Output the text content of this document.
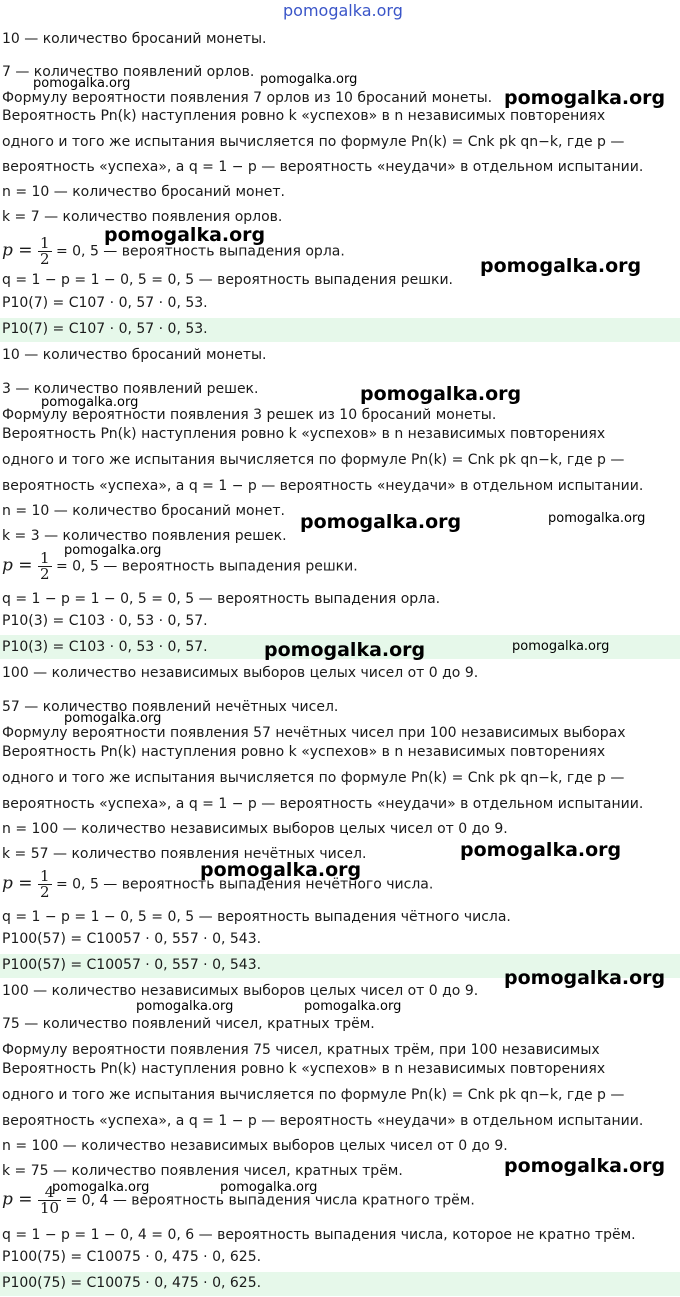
10 — количество бросаний монеты.
7 — количество появлений орлов.
Формулу вероятности появления 7 орлов из 10 бросаний монеты.
Вероятность Pn(k) наступления ровно k «успехов» в n независимых повторениях
одного и того же испытания вычисляется по формуле Pn(k) = Cnk pk qn−k, где p —
вероятность «успеха», а q = 1 − p — вероятность «неудачи» в отдельном испытании.
n = 10 — количество бросаний монет.
k = 7 — количество появления орлов.
$p = \frac{1}{2} = 0$, 5 — вероятность выпадения орла.
q = 1 − p = 1 − 0, 5 = 0, 5 — вероятность выпадения решки.
P10(7) = C107 · 0, 57 · 0, 53.
P10(7) = C107 · 0, 57 · 0, 53.
10 — количество бросаний монеты.
3 — количество появлений решек.
Формулу вероятности появления 3 решек из 10 бросаний монеты.
Вероятность Pn(k) наступления ровно k «успехов» в n независимых повторениях
одного и того же испытания вычисляется по формуле Pn(k) = Cnk pk qn−k, где p —
вероятность «успеха», а q = 1 − p — вероятность «неудачи» в отдельном испытании.
n = 10 — количество бросаний монет.
k = 3 — количество появления решек.
$p = \frac{1}{2} = 0$, 5 — вероятность выпадения решки.
q = 1 − p = 1 − 0, 5 = 0, 5 — вероятность выпадения орла.
P10(3) = C103 · 0, 53 · 0, 57.
P10(3) = C103 · 0, 53 · 0, 57.
100 — количество независимых выборов целых чисел от 0 до 9.
57 — количество появлений нечётных чисел.
Формулу вероятности появления 57 нечётных чисел при 100 независимых выборах
Вероятность Pn(k) наступления ровно k «успехов» в n независимых повторениях
одного и того же испытания вычисляется по формуле Pn(k) = Cnk pk qn−k, где p —
вероятность «успеха», а q = 1 − p — вероятность «неудачи» в отдельном испытании.
n = 100 — количество независимых выборов целых чисел от 0 до 9.
k = 57 — количество появления нечётных чисел.
$p = \frac{1}{2} = 0$, 5 — вероятность выпадения нечётного числа.
q = 1 − p = 1 − 0, 5 = 0, 5 — вероятность выпадения чётного числа.
P100(57) = C10057 · 0, 557 · 0, 543.
P100(57) = C10057 · 0, 557 · 0, 543.
100 — количество независимых выборов целых чисел от 0 до 9.
75 — количество появлений чисел, кратных трём.
Формулу вероятности появления 75 чисел, кратных трём, при 100 независимых
Вероятность Pn(k) наступления ровно k «успехов» в n независимых повторениях
одного и того же испытания вычисляется по формуле Pn(k) = Cnk pk qn−k, где p —
вероятность «успеха», а q = 1 − p — вероятность «неудачи» в отдельном испытании.
n = 100 — количество независимых выборов целых чисел от 0 до 9.
k = 75 — количество появления чисел, кратных трём.
$p = \frac{4}{10} = 0$, 4 — вероятность выпадения числа кратного трём.
q = 1 − p = 1 − 0, 4 = 0, 6 — вероятность выпадения числа, которое не кратно трём.
P100(75) = C10075 · 0, 475 · 0, 625.
P100(75) = C10075 · 0, 475 · 0, 625.
pomogalka.org
pomogalka.org	pomogalka.org
pomogalka.org
pomogalka.org
pomogalka.org
pomogalka.org	pomogalka.org
pomogalka.org	pomogalka.org
pomogalka.org
pomogalka.org	pomogalka.org
pomogalka.org
pomogalka.org
pomogalka.org
pomogalka.org
pomogalka.org	pomogalka.org
pomogalka.org
pomogalka.org	pomogalka.org
